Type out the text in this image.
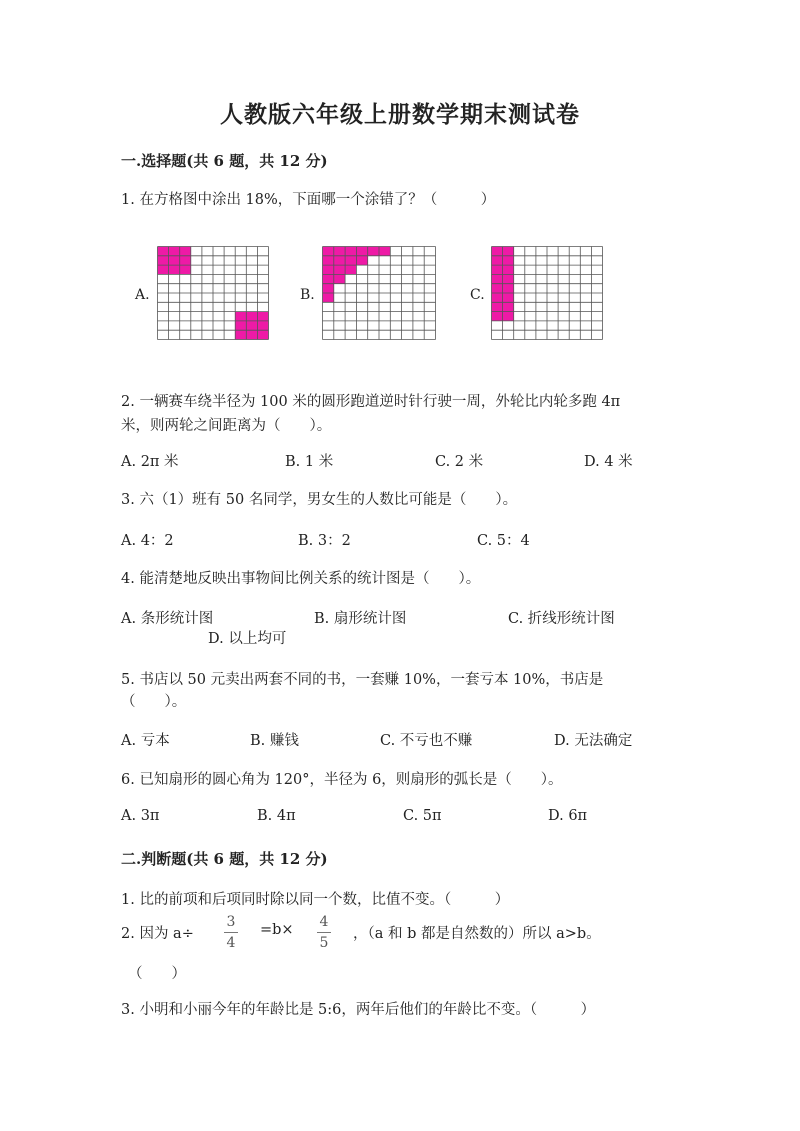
人教版六年级上册数学期末测试卷
一.选择题(共 6 题，共 12 分)
1. 在方格图中涂出 18%，下面哪一个涂错了？（　　　）
A.	B.	C.
2. 一辆赛车绕半径为 100 米的圆形跑道逆时针行驶一周，外轮比内轮多跑 4π
米，则两轮之间距离为（　　）。
A. 2π 米	B. 1 米	C. 2 米	D. 4 米
3. 六（1）班有 50 名同学，男女生的人数比可能是（　　）。
A. 4：2	B. 3：2	C. 5：4
4. 能清楚地反映出事物间比例关系的统计图是（　　）。
A. 条形统计图	B. 扇形统计图	C. 折线形统计图
D. 以上均可
5. 书店以 50 元卖出两套不同的书，一套赚 10%，一套亏本 10%，书店是
（　　）。
A. 亏本	B. 赚钱	C. 不亏也不赚	D. 无法确定
6. 已知扇形的圆心角为 120°，半径为 6，则扇形的弧长是（　　）。
A. 3π	B. 4π	C. 5π	D. 6π
二.判断题(共 6 题，共 12 分)
1. 比的前项和后项同时除以同一个数，比值不变。（　　　）
2. 因为 a÷
3
4
=b× 4
5
，（a 和 b 都是自然数的）所以 a>b。
（　　）
3. 小明和小丽今年的年龄比是 5:6，两年后他们的年龄比不变。（　　　）
